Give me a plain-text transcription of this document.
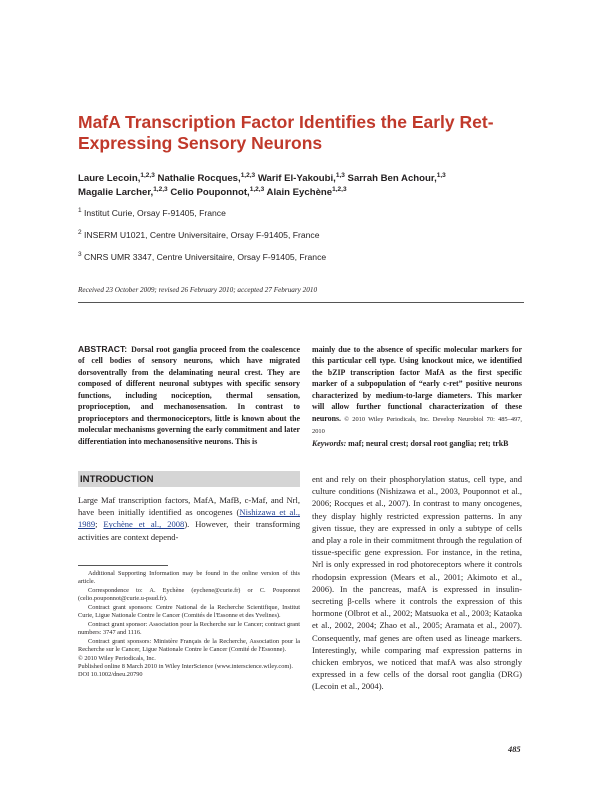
MafA Transcription Factor Identifies the Early Ret-Expressing Sensory Neurons
Laure Lecoin,$^{1,2,3}$ Nathalie Rocques,$^{1,2,3}$ Warif El-Yakoubi,$^{1,3}$ Sarrah Ben Achour,$^{1,3}$
Magalie Larcher,$^{1,2,3}$ Celio Pouponnot,$^{1,2,3}$ Alain Eychène$^{1,2,3}$
$^1$ Institut Curie, Orsay F-91405, France
$^2$ INSERM U1021, Centre Universitaire, Orsay F-91405, France
$^3$ CNRS UMR 3347, Centre Universitaire, Orsay F-91405, France
Received 23 October 2009; revised 26 February 2010; accepted 27 February 2010
ABSTRACT: Dorsal root ganglia proceed from the coalescence of cell bodies of sensory neurons, which have migrated dorsoventrally from the delaminating neural crest. They are composed of different neuronal subtypes with specific sensory functions, including nociception, thermal sensation, proprioception, and mechanosensation. In contrast to proprioceptors and thermonociceptors, little is known about the molecular mechanisms governing the early commitment and later differentiation into mechanosensitive neurons. This is
mainly due to the absence of specific molecular markers for this particular cell type. Using knockout mice, we identified the bZIP transcription factor MafA as the first specific marker of a subpopulation of “early c-ret” positive neurons characterized by medium-to-large diameters. This marker will allow further functional characterization of these neurons. © 2010 Wiley Periodicals, Inc. Develop Neurobiol 70: 485–497, 2010
Keywords: maf; neural crest; dorsal root ganglia; ret; trkB
INTRODUCTION
Large Maf transcription factors, MafA, MafB, c-Maf, and Nrl, have been initially identified as oncogenes (Nishizawa et al., 1989; Eychène et al., 2008). However, their transforming activities are context depend-
ent and rely on their phosphorylation status, cell type, and culture conditions (Nishizawa et al., 2003, Pouponnot et al., 2006; Rocques et al., 2007). In contrast to many oncogenes, they display highly restricted expression patterns. In any given tissue, they are expressed in only a subtype of cells and play a role in their commitment through the regulation of tissue-specific gene expression. For instance, in the retina, Nrl is only expressed in rod photoreceptors where it controls rhodopsin expression (Mears et al., 2001; Akimoto et al., 2006). In the pancreas, mafA is expressed in insulin-secreting β-cells where it controls the expression of this hormone (Olbrot et al., 2002; Matsuoka et al., 2003; Kataoka et al., 2002, 2004; Zhao et al., 2005; Aramata et al., 2007). Consequently, maf genes are often used as lineage markers. Interestingly, while comparing maf expression patterns in chicken embryos, we noticed that mafA was also strongly expressed in a few cells of the dorsal root ganglia (DRG) (Lecoin et al., 2004).

Additional Supporting Information may be found in the online version of this article.

Correspondence to: A. Eychène (eychene@curie.fr) or C. Pouponnot (celio.pouponnot@curie.u-psud.fr).

Contract grant sponsors: Centre National de la Recherche Scientifique, Institut Curie, Ligue Nationale Contre le Cancer (Comités de l'Essonne et des Yvelines).

Contract grant sponsor: Association pour la Recherche sur le Cancer; contract grant numbers: 3747 and 1116.

Contract grant sponsors: Ministère Français de la Recherche, Association pour la Recherche sur le Cancer, Ligue Nationale Contre le Cancer (Comité de l'Essonne).

© 2010 Wiley Periodicals, Inc.

Published online 8 March 2010 in Wiley InterScience (www.interscience.wiley.com).

DOI 10.1002/dneu.20790

485
